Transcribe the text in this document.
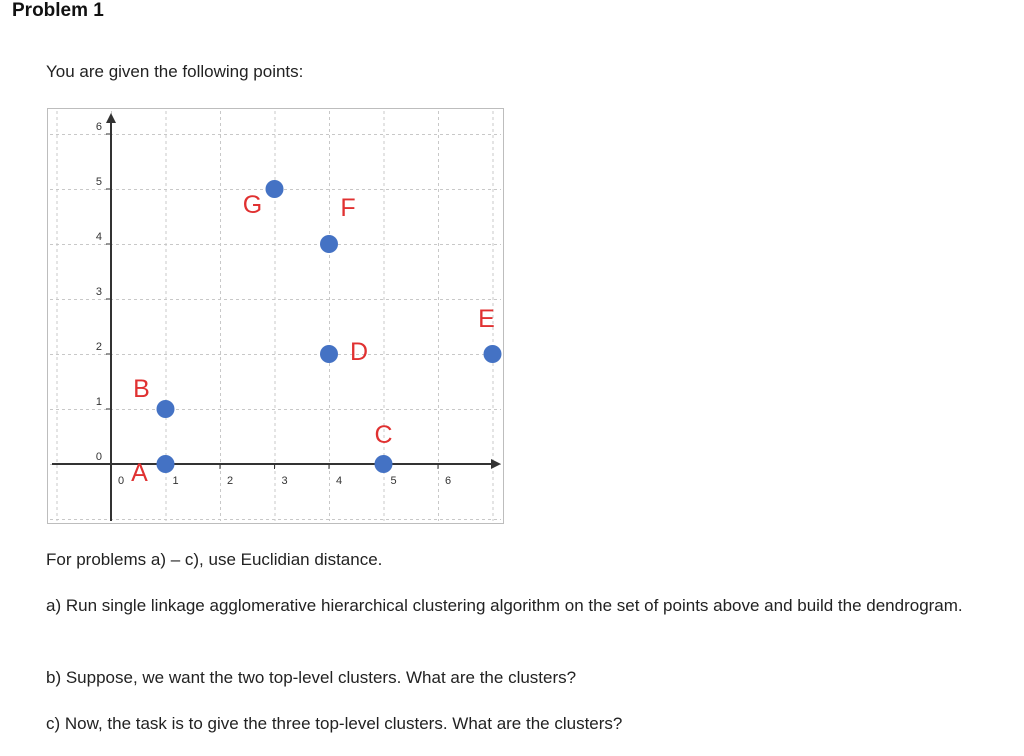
Problem 1
You are given the following points:
0
1
2
3
4
5
6
0	1	2	3	4	5	6
A
B
C
D
E
F
G

For problems a) – c), use Euclidian distance.

a) Run single linkage agglomerative hierarchical clustering algorithm on the set of points above and build the dendrogram.

b) Suppose, we want the two top-level clusters. What are the clusters?

c) Now, the task is to give the three top-level clusters. What are the clusters?
